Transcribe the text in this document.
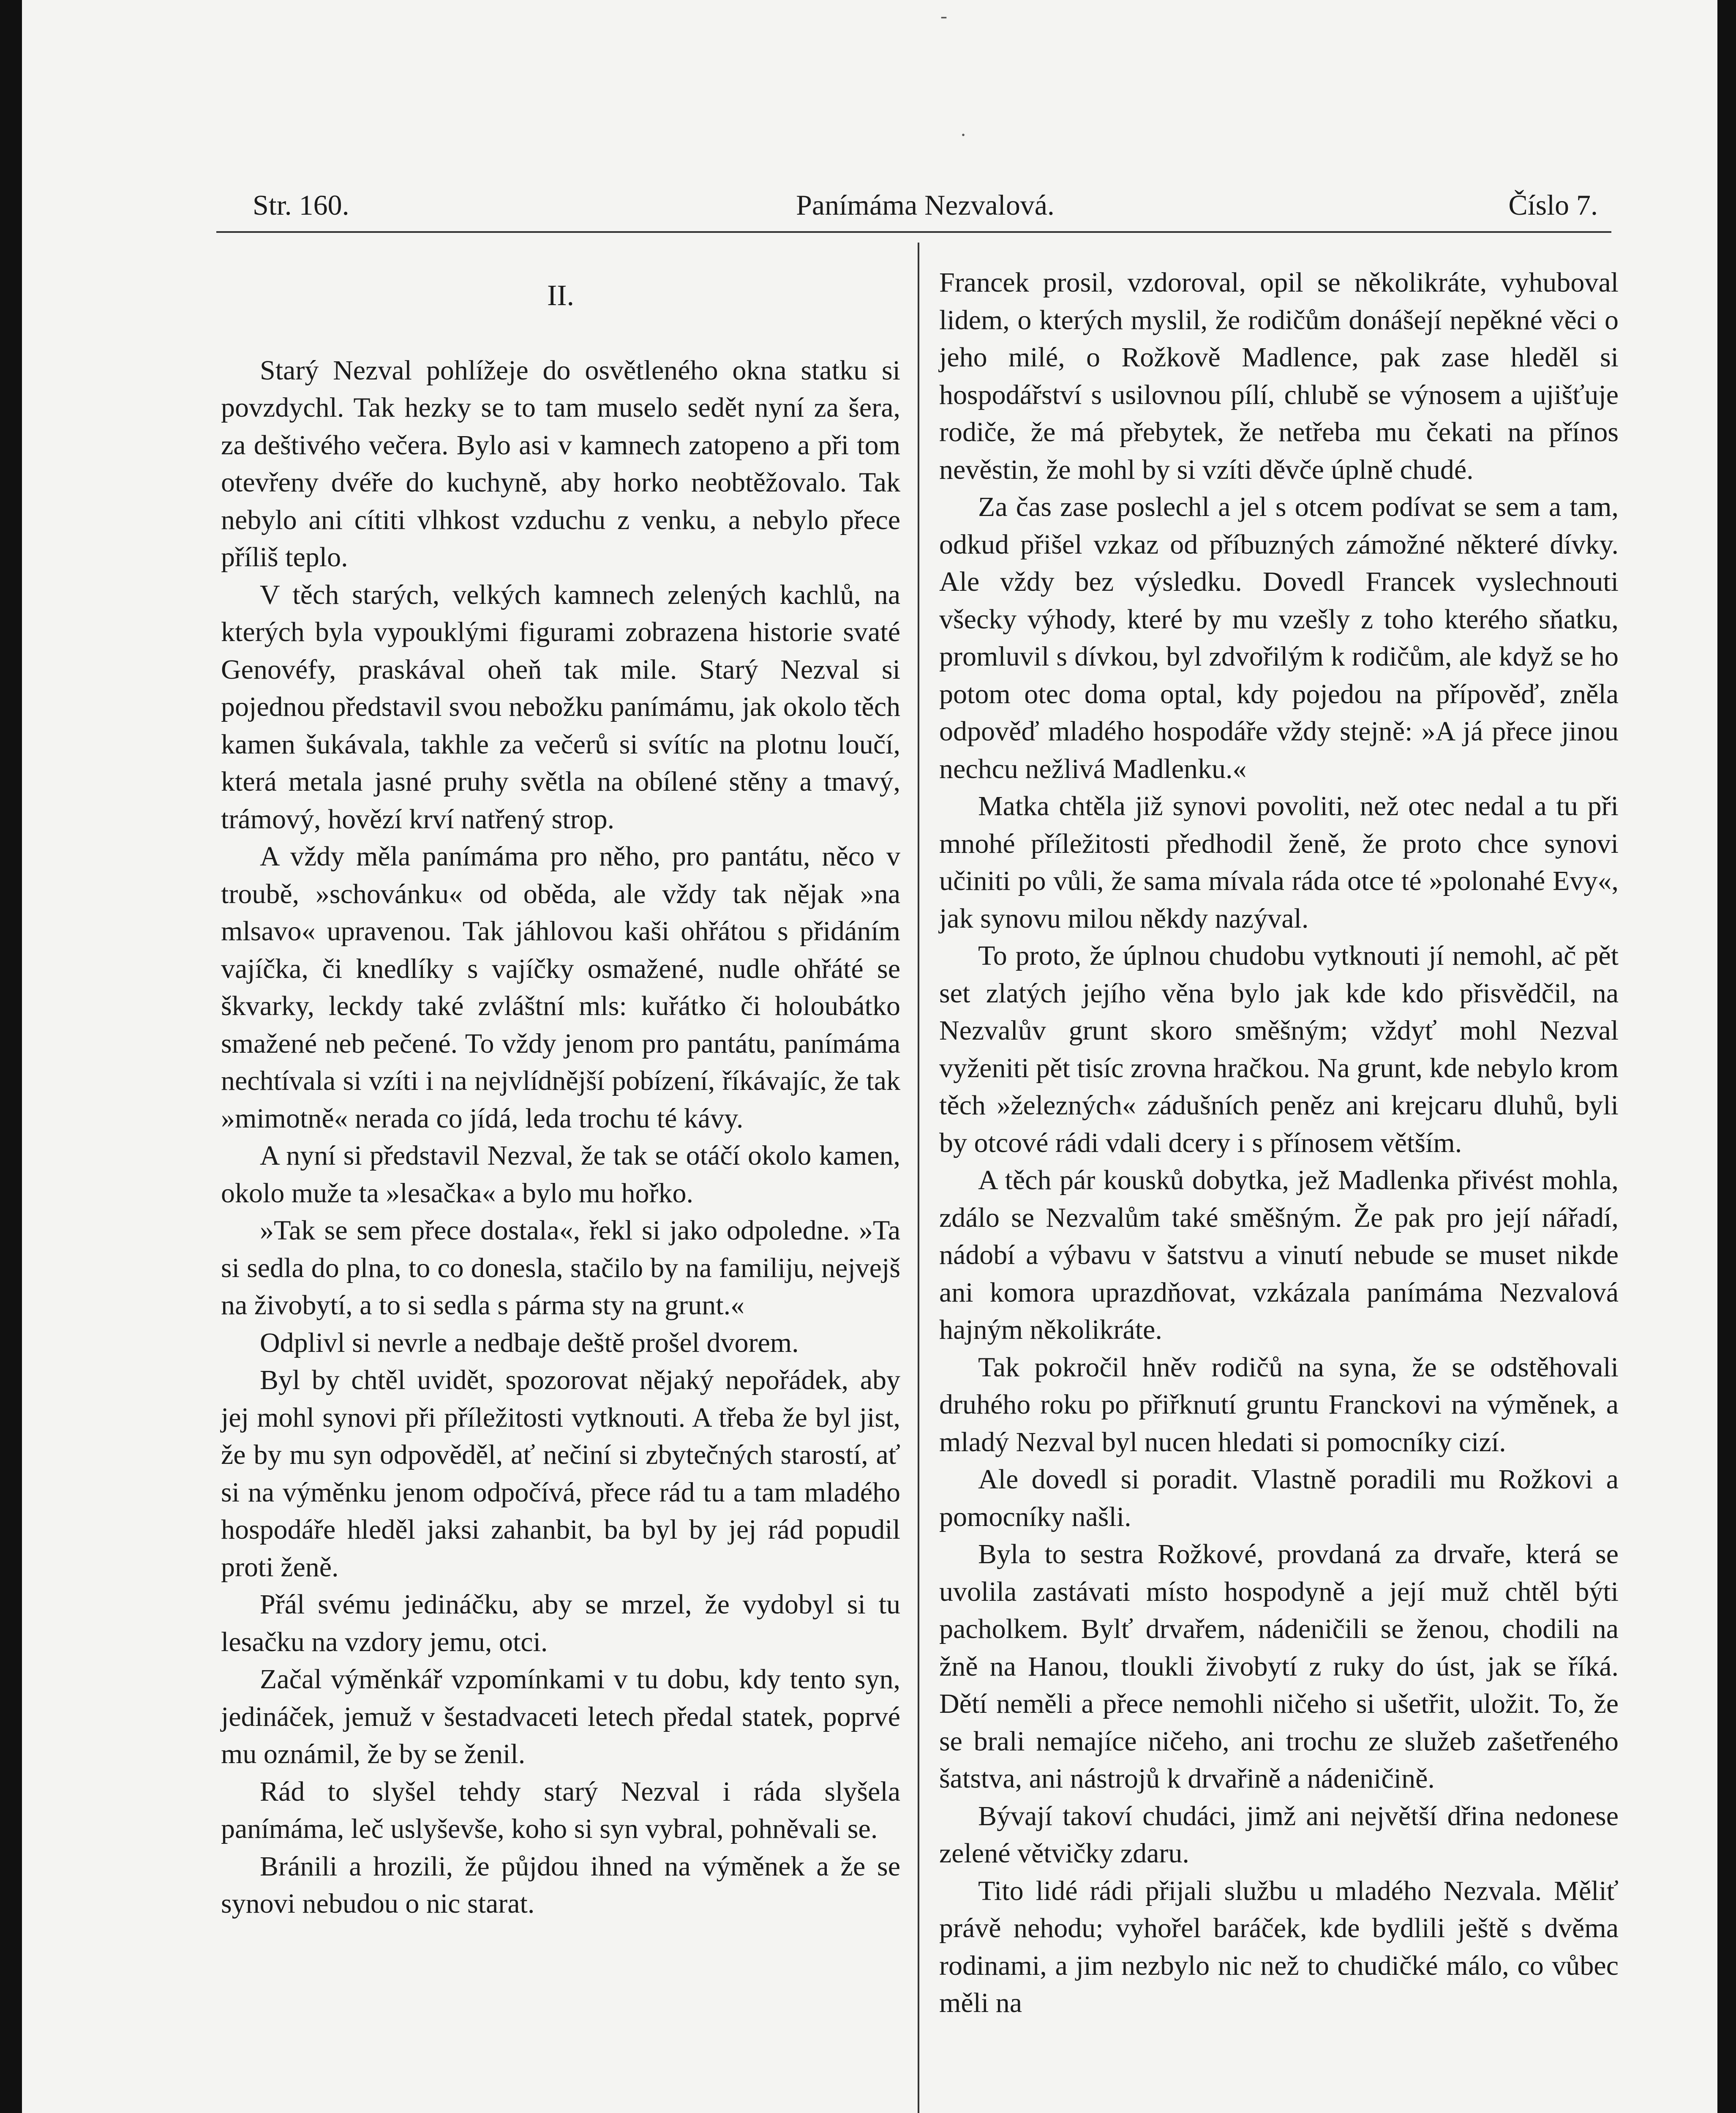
-
·
Str. 160.	Panímáma Nezvalová.	Číslo 7.
II.

Starý Nezval pohlížeje do osvětleného okna statku si povzdychl. Tak hezky se to tam muselo sedět nyní za šera, za deštivého večera. Bylo asi v kamnech zatopeno a při tom otevřeny dvéře do kuchyně, aby horko neobtěžovalo. Tak nebylo ani cítiti vlhkost vzduchu z venku, a nebylo přece příliš teplo.

V těch starých, velkých kamnech zelených kachlů, na kterých byla vypouklými figurami zobrazena historie svaté Genovéfy, praskával oheň tak mile. Starý Nezval si pojednou představil svou nebožku panímámu, jak okolo těch kamen šukávala, takhle za večerů si svítíc na plotnu loučí, která metala jasné pruhy světla na obílené stěny a tmavý, trámový, hovězí krví natřený strop.

A vždy měla panímáma pro něho, pro pantátu, něco v troubě, »schovánku« od oběda, ale vždy tak nějak »na mlsavo« upravenou. Tak jáhlovou kaši ohřátou s přidáním vajíčka, či knedlíky s vajíčky osmažené, nudle ohřáté se škvarky, leckdy také zvláštní mls: kuřátko či holoubátko smažené neb pečené. To vždy jenom pro pantátu, panímáma nechtívala si vzíti i na nejvlídnější pobízení, říkávajíc, že tak »mimotně« nerada co jídá, leda trochu té kávy.

A nyní si představil Nezval, že tak se otáčí okolo kamen, okolo muže ta »lesačka« a bylo mu hořko.

»Tak se sem přece dostala«, řekl si jako odpoledne. »Ta si sedla do plna, to co donesla, stačilo by na familiju, nejvejš na živobytí, a to si sedla s párma sty na grunt.«

Odplivl si nevrle a nedbaje deště prošel dvorem.

Byl by chtěl uvidět, spozorovat nějaký nepořádek, aby jej mohl synovi při příležitosti vytknouti. A třeba že byl jist, že by mu syn odpověděl, ať nečiní si zbytečných starostí, ať si na výměnku jenom odpočívá, přece rád tu a tam mladého hospodáře hleděl jaksi zahanbit, ba byl by jej rád popudil proti ženě.

Přál svému jedináčku, aby se mrzel, že vydobyl si tu lesačku na vzdory jemu, otci.

Začal výměnkář vzpomínkami v tu dobu, kdy tento syn, jedináček, jemuž v šestadvaceti letech předal statek, poprvé mu oznámil, že by se ženil.

Rád to slyšel tehdy starý Nezval i ráda slyšela panímáma, leč uslyševše, koho si syn vybral, pohněvali se.

Bránili a hrozili, že půjdou ihned na výměnek a že se synovi nebudou o nic starat.

Francek prosil, vzdoroval, opil se několikráte, vyhuboval lidem, o kterých myslil, že rodičům donášejí nepěkné věci o jeho milé, o Rožkově Madlence, pak zase hleděl si hospodářství s usilovnou pílí, chlubě se výnosem a ujišťuje rodiče, že má přebytek, že netřeba mu čekati na přínos nevěstin, že mohl by si vzíti děvče úplně chudé.

Za čas zase poslechl a jel s otcem podívat se sem a tam, odkud přišel vzkaz od příbuzných zámožné některé dívky. Ale vždy bez výsledku. Dovedl Francek vyslechnouti všecky výhody, které by mu vzešly z toho kterého sňatku, promluvil s dívkou, byl zdvořilým k rodičům, ale když se ho potom otec doma optal, kdy pojedou na přípověď, zněla odpověď mladého hospodáře vždy stejně: »A já přece jinou nechcu nežlivá Madlenku.«

Matka chtěla již synovi povoliti, než otec nedal a tu při mnohé příležitosti předhodil ženě, že proto chce synovi učiniti po vůli, že sama mívala ráda otce té »polonahé Evy«, jak synovu milou někdy nazýval.

To proto, že úplnou chudobu vytknouti jí nemohl, ač pět set zlatých jejího věna bylo jak kde kdo přisvědčil, na Nezvalův grunt skoro směšným; vždyť mohl Nezval vyženiti pět tisíc zrovna hračkou. Na grunt, kde nebylo krom těch »železných« zádušních peněz ani krejcaru dluhů, byli by otcové rádi vdali dcery i s přínosem větším.

A těch pár kousků dobytka, jež Madlenka přivést mohla, zdálo se Nezvalům také směšným. Že pak pro její nářadí, nádobí a výbavu v šatstvu a vinutí nebude se muset nikde ani komora uprazdňovat, vzkázala panímáma Nezvalová hajným několikráte.

Tak pokročil hněv rodičů na syna, že se odstěhovali druhého roku po přiřknutí gruntu Franckovi na výměnek, a mladý Nezval byl nucen hledati si pomocníky cizí.

Ale dovedl si poradit. Vlastně poradili mu Rožkovi a pomocníky našli.

Byla to sestra Rožkové, provdaná za drvaře, která se uvolila zastávati místo hospodyně a její muž chtěl býti pacholkem. Bylť drvařem, nádeničili se ženou, chodili na žně na Hanou, tloukli živobytí z ruky do úst, jak se říká. Dětí neměli a přece nemohli ničeho si ušetřit, uložit. To, že se brali nemajíce ničeho, ani trochu ze služeb zašetřeného šatstva, ani nástrojů k drvařině a nádeničině.

Bývají takoví chudáci, jimž ani největší dřina nedonese zelené větvičky zdaru.

Tito lidé rádi přijali službu u mladého Nezvala. Měliť právě nehodu; vyhořel baráček, kde bydlili ještě s dvěma rodinami, a jim nezbylo nic než to chudičké málo, co vůbec měli na
